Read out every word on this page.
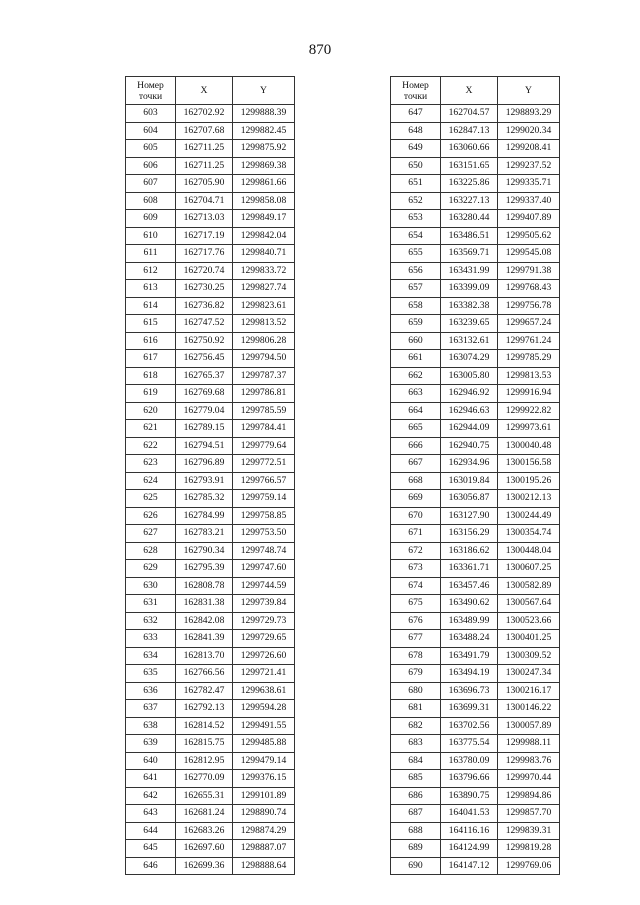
870
Номер
точки	X	Y
603	162702.92	1299888.39
604	162707.68	1299882.45
605	162711.25	1299875.92
606	162711.25	1299869.38
607	162705.90	1299861.66
608	162704.71	1299858.08
609	162713.03	1299849.17
610	162717.19	1299842.04
611	162717.76	1299840.71
612	162720.74	1299833.72
613	162730.25	1299827.74
614	162736.82	1299823.61
615	162747.52	1299813.52
616	162750.92	1299806.28
617	162756.45	1299794.50
618	162765.37	1299787.37
619	162769.68	1299786.81
620	162779.04	1299785.59
621	162789.15	1299784.41
622	162794.51	1299779.64
623	162796.89	1299772.51
624	162793.91	1299766.57
625	162785.32	1299759.14
626	162784.99	1299758.85
627	162783.21	1299753.50
628	162790.34	1299748.74
629	162795.39	1299747.60
630	162808.78	1299744.59
631	162831.38	1299739.84
632	162842.08	1299729.73
633	162841.39	1299729.65
634	162813.70	1299726.60
635	162766.56	1299721.41
636	162782.47	1299638.61
637	162792.13	1299594.28
638	162814.52	1299491.55
639	162815.75	1299485.88
640	162812.95	1299479.14
641	162770.09	1299376.15
642	162655.31	1299101.89
643	162681.24	1298890.74
644	162683.26	1298874.29
645	162697.60	1298887.07
646	162699.36	1298888.64
Номер
точки	X	Y
647	162704.57	1298893.29
648	162847.13	1299020.34
649	163060.66	1299208.41
650	163151.65	1299237.52
651	163225.86	1299335.71
652	163227.13	1299337.40
653	163280.44	1299407.89
654	163486.51	1299505.62
655	163569.71	1299545.08
656	163431.99	1299791.38
657	163399.09	1299768.43
658	163382.38	1299756.78
659	163239.65	1299657.24
660	163132.61	1299761.24
661	163074.29	1299785.29
662	163005.80	1299813.53
663	162946.92	1299916.94
664	162946.63	1299922.82
665	162944.09	1299973.61
666	162940.75	1300040.48
667	162934.96	1300156.58
668	163019.84	1300195.26
669	163056.87	1300212.13
670	163127.90	1300244.49
671	163156.29	1300354.74
672	163186.62	1300448.04
673	163361.71	1300607.25
674	163457.46	1300582.89
675	163490.62	1300567.64
676	163489.99	1300523.66
677	163488.24	1300401.25
678	163491.79	1300309.52
679	163494.19	1300247.34
680	163696.73	1300216.17
681	163699.31	1300146.22
682	163702.56	1300057.89
683	163775.54	1299988.11
684	163780.09	1299983.76
685	163796.66	1299970.44
686	163890.75	1299894.86
687	164041.53	1299857.70
688	164116.16	1299839.31
689	164124.99	1299819.28
690	164147.12	1299769.06
